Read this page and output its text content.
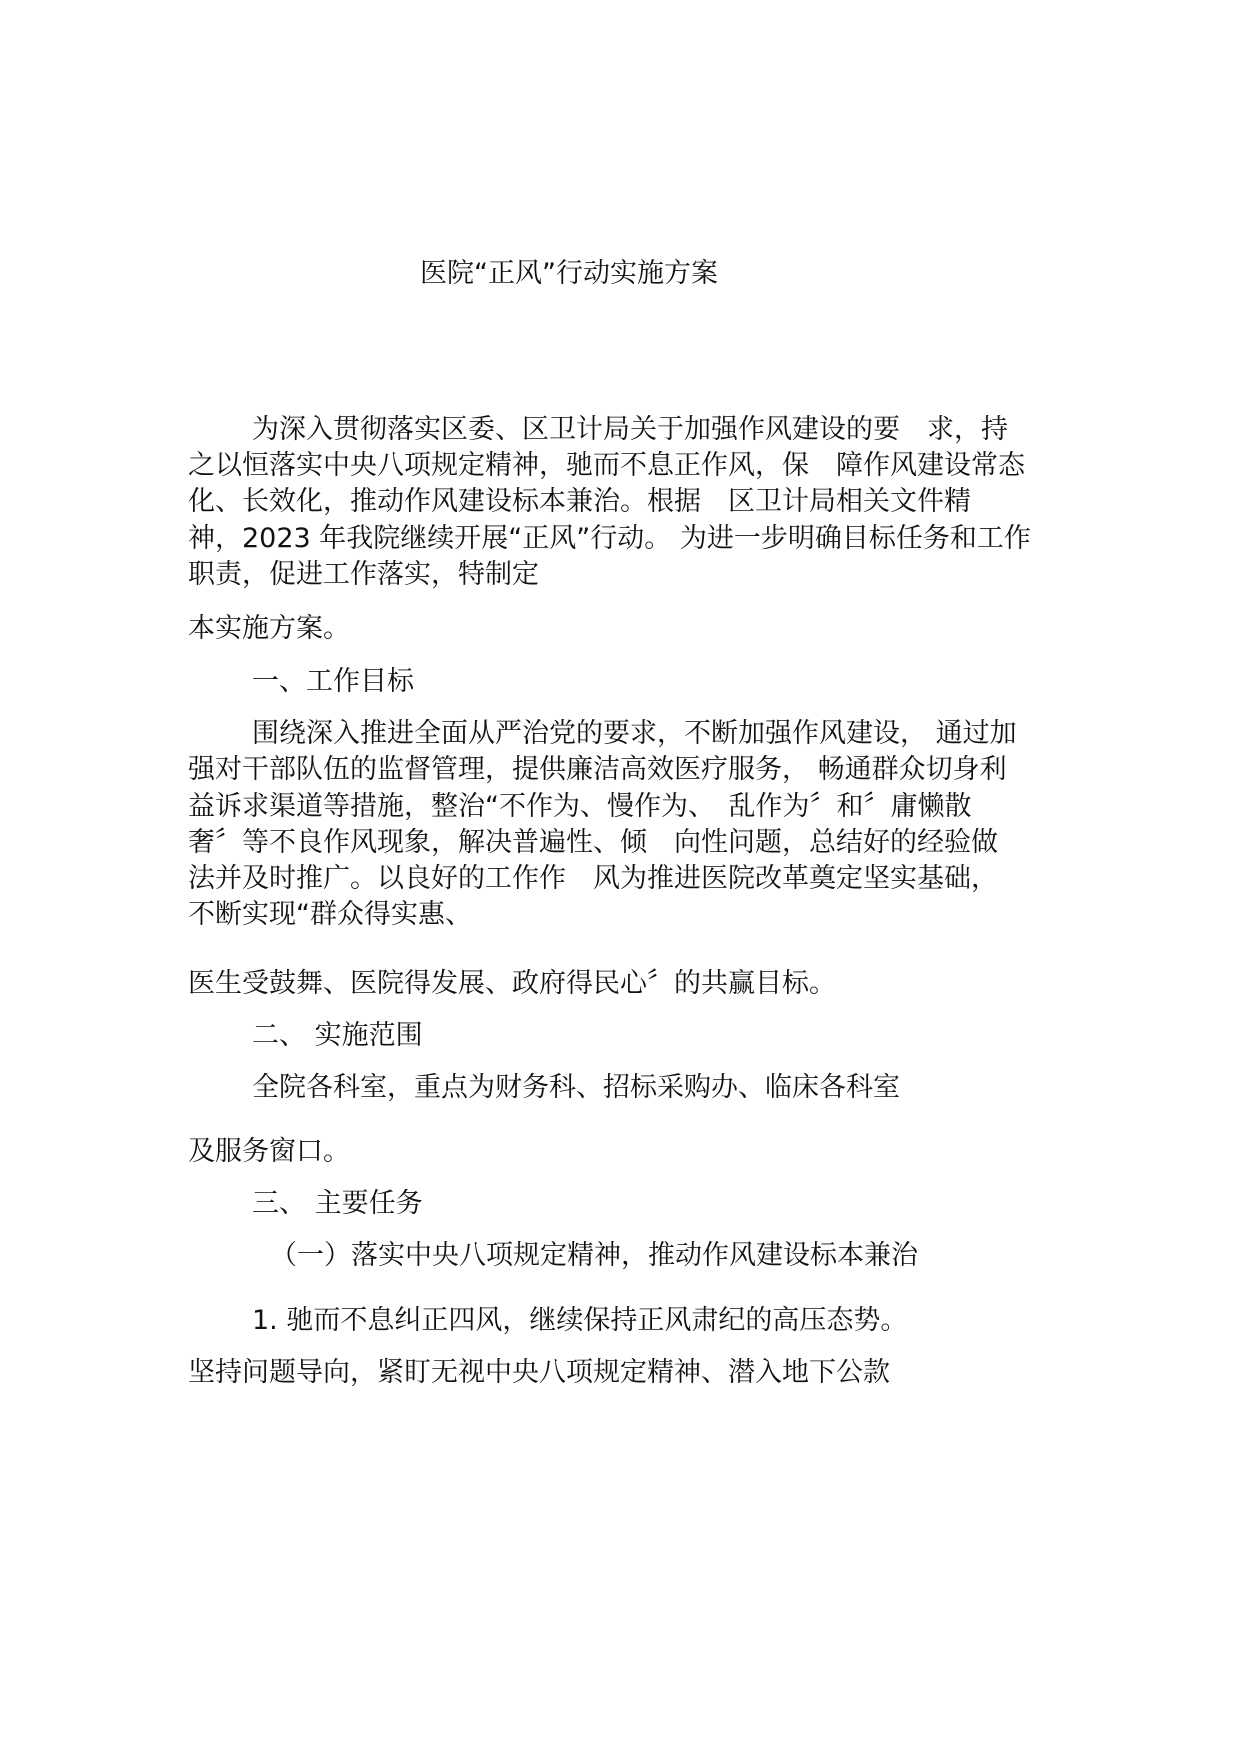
医院“正风”行动实施方案
为深入贯彻落实区委、区卫计局关于加强作风建设的要　求，持
之以恒落实中央八项规定精神，驰而不息正作风，保　障作风建设常态
化、长效化，推动作风建设标本兼治。根据　区卫计局相关文件精
神，2023 年我院继续开展“正风”行动。 为进一步明确目标任务和工作
职责，促进工作落实，特制定
本实施方案。
一、工作目标
围绕深入推进全面从严治党的要求，不断加强作风建设， 通过加
强对干部队伍的监督管理，提供廉洁高效医疗服务， 畅通群众切身利
益诉求渠道等措施，整治“不作为、慢作为、　乱作为〞和〞庸懒散
奢〞等不良作风现象，解决普遍性、倾　向性问题，总结好的经验做
法并及时推广。以良好的工作作　风为推进医院改革奠定坚实基础，
不断实现“群众得实惠、
医生受鼓舞、医院得发展、政府得民心〞的共赢目标。
二、 实施范围
全院各科室，重点为财务科、招标采购办、临床各科室
及服务窗口。
三、 主要任务
（一）落实中央八项规定精神，推动作风建设标本兼治
1. 驰而不息纠正四风，继续保持正风肃纪的高压态势。
坚持问题导向，紧盯无视中央八项规定精神、潜入地下公款
